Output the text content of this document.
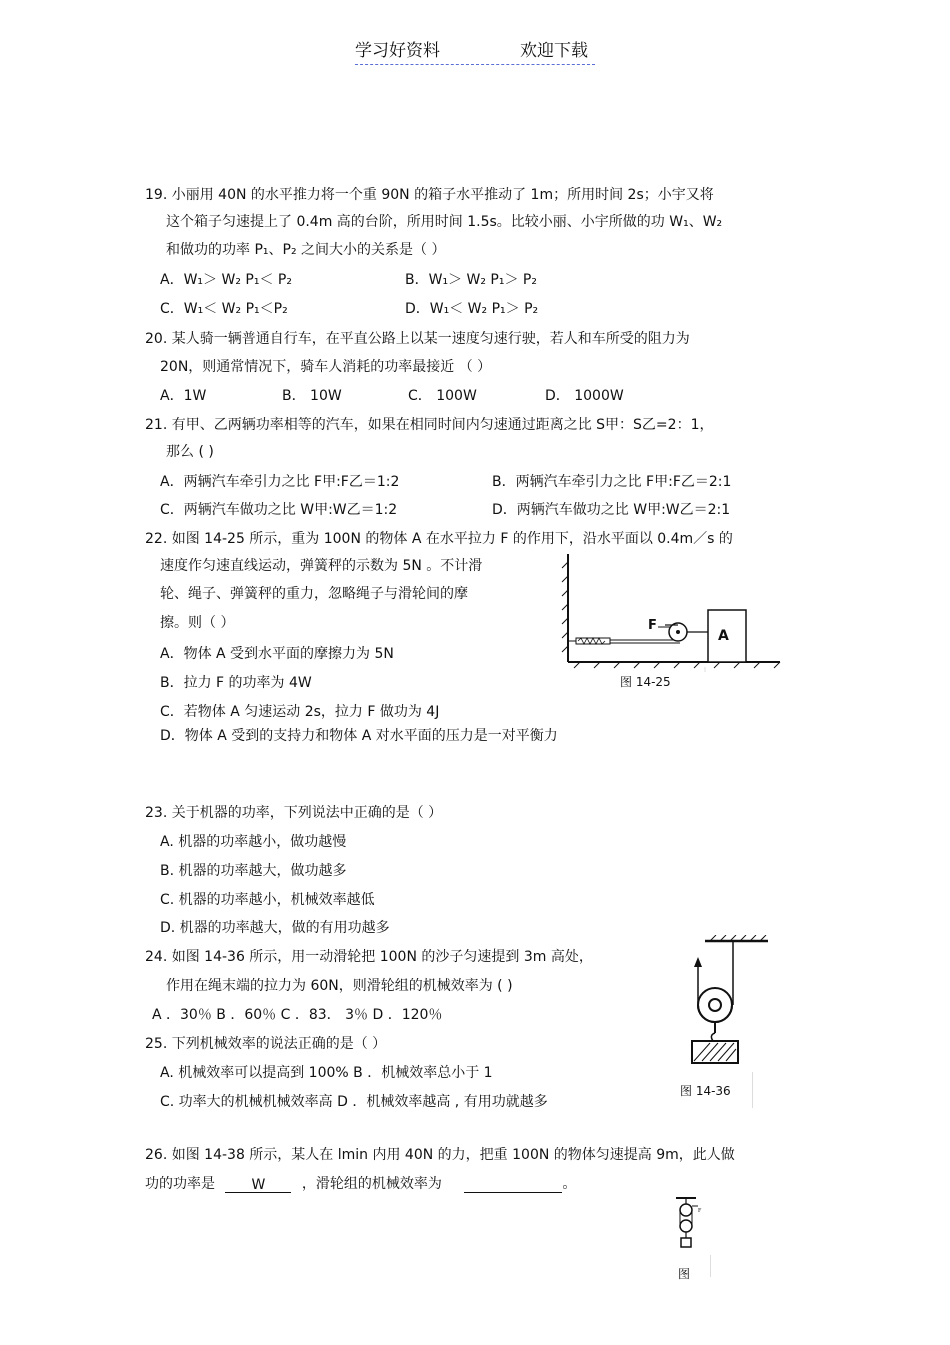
学习好资料	欢迎下载
19. 小丽用 40N 的水平推力将一个重 90N 的箱子水平推动了 1m；所用时间 2s；小宇又将
这个箱子匀速提上了 0.4m 高的台阶，所用时间 1.5s。比较小丽、小宇所做的功 W₁、W₂
和做功的功率 P₁、P₂ 之间大小的关系是（ ）
A．W₁＞ W₂ P₁＜ P₂	B．W₁＞ W₂ P₁＞ P₂
C．W₁＜ W₂ P₁＜P₂	D．W₁＜ W₂ P₁＞ P₂
20. 某人骑一辆普通自行车，在平直公路上以某一速度匀速行驶，若人和车所受的阻力为
20N，则通常情况下，骑车人消耗的功率最接近 （ ）
A．1W	B． 10W	C． 100W	D． 1000W
21. 有甲、乙两辆功率相等的汽车，如果在相同时间内匀速通过距离之比 S甲：S乙=2：1，
那么 ( )
A．两辆汽车牵引力之比 F甲:F乙＝1:2	B．两辆汽车牵引力之比 F甲:F乙＝2:1
C．两辆汽车做功之比 W甲:W乙＝1:2	D．两辆汽车做功之比 W甲:W乙＝2:1
22. 如图 14-25 所示，重为 100N 的物体 A 在水平拉力 F 的作用下，沿水平面以 0.4m／s 的
速度作匀速直线运动，弹簧秤的示数为 5N 。不计滑
轮、绳子、弹簧秤的重力，忽略绳子与滑轮间的摩
擦。则（ ）
A．物体 A 受到水平面的摩擦力为 5N
B．拉力 F 的功率为 4W
C．若物体 A 匀速运动 2s，拉力 F 做功为 4J
D．物体 A 受到的支持力和物体 A 对水平面的压力是一对平衡力
F
A
图 14-25
23. 关于机器的功率，下列说法中正确的是（ ）
A. 机器的功率越小，做功越慢
B. 机器的功率越大，做功越多
C. 机器的功率越小，机械效率越低
D. 机器的功率越大，做的有用功越多
24. 如图 14-36 所示，用一动滑轮把 100N 的沙子匀速提到 3m 高处，
作用在绳末端的拉力为 60N，则滑轮组的机械效率为 ( )
A ．30％ B ．60％ C ．83． 3％ D ．120％
图 14-36
25. 下列机械效率的说法正确的是（ ）
A. 机械效率可以提高到 100% B ．机械效率总小于 1
C. 功率大的机械机械效率高 D ．机械效率越高 , 有用功就越多
26. 如图 14-38 所示，某人在 lmin 内用 40N 的力，把重 100N 的物体匀速提高 9m，此人做
功的功率是	W	，滑轮组的机械效率为	。
F
图
